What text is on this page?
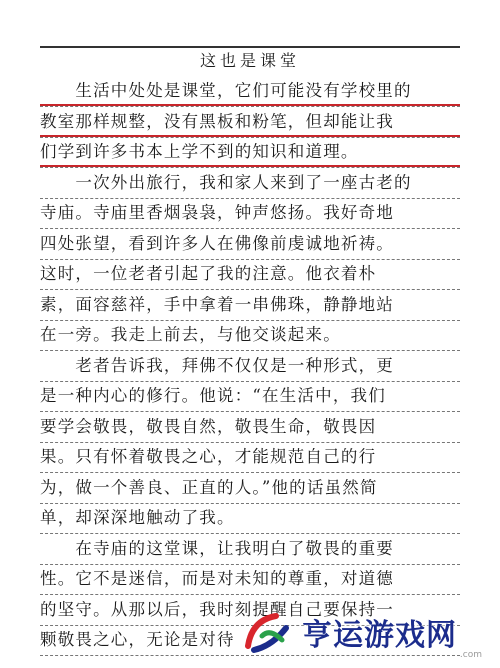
这也是课堂
　　生活中处处是课堂，它们可能没有学校里的
教室那样规整，没有黑板和粉笔，但却能让我
们学到许多书本上学不到的知识和道理。
　　一次外出旅行，我和家人来到了一座古老的
寺庙。寺庙里香烟袅袅，钟声悠扬。我好奇地
四处张望，看到许多人在佛像前虔诚地祈祷。
这时，一位老者引起了我的注意。他衣着朴
素，面容慈祥，手中拿着一串佛珠，静静地站
在一旁。我走上前去，与他交谈起来。
　　老者告诉我，拜佛不仅仅是一种形式，更
是一种内心的修行。他说：“在生活中，我们
要学会敬畏，敬畏自然，敬畏生命，敬畏因
果。只有怀着敬畏之心，才能规范自己的行
为，做一个善良、正直的人。”他的话虽然简
单，却深深地触动了我。
　　在寺庙的这堂课，让我明白了敬畏的重要
性。它不是迷信，而是对未知的尊重，对道德
的坚守。从那以后，我时刻提醒自己要保持一
颗敬畏之心，无论是对待	亨运游戏网
.com
